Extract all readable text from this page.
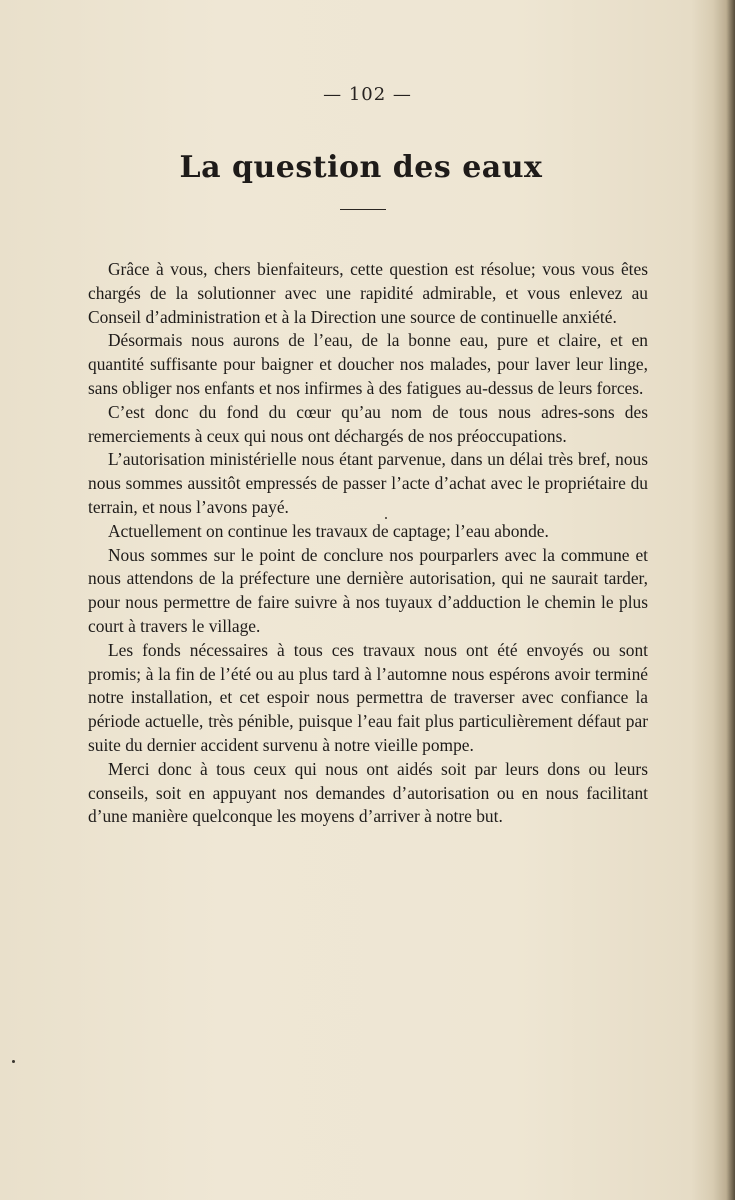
— 102 —
La question des eaux

Grâce à vous, chers bienfaiteurs, cette question est résolue; vous vous êtes chargés de la solutionner avec une rapidité admirable, et vous enlevez au Conseil d’administration et à la Direction une source de continuelle anxiété.

Désormais nous aurons de l’eau, de la bonne eau, pure et claire, et en quantité suffisante pour baigner et doucher nos malades, pour laver leur linge, sans obliger nos enfants et nos infirmes à des fatigues au-dessus de leurs forces.

C’est donc du fond du cœur qu’au nom de tous nous adres-sons des remerciements à ceux qui nous ont déchargés de nos préoccupations.

L’autorisation ministérielle nous étant parvenue, dans un délai très bref, nous nous sommes aussitôt empressés de passer l’acte d’achat avec le propriétaire du terrain, et nous l’avons payé.

Actuellement on continue les travaux de captage; l’eau abonde.

Nous sommes sur le point de conclure nos pourparlers avec la commune et nous attendons de la préfecture une dernière autorisation, qui ne saurait tarder, pour nous permettre de faire suivre à nos tuyaux d’adduction le chemin le plus court à travers le village.

Les fonds nécessaires à tous ces travaux nous ont été envoyés ou sont promis; à la fin de l’été ou au plus tard à l’automne nous espérons avoir terminé notre installation, et cet espoir nous permettra de traverser avec confiance la période actuelle, très pénible, puisque l’eau fait plus particulièrement défaut par suite du dernier accident survenu à notre vieille pompe.

Merci donc à tous ceux qui nous ont aidés soit par leurs dons ou leurs conseils, soit en appuyant nos demandes d’autorisation ou en nous facilitant d’une manière quelconque les moyens d’arriver à notre but.
